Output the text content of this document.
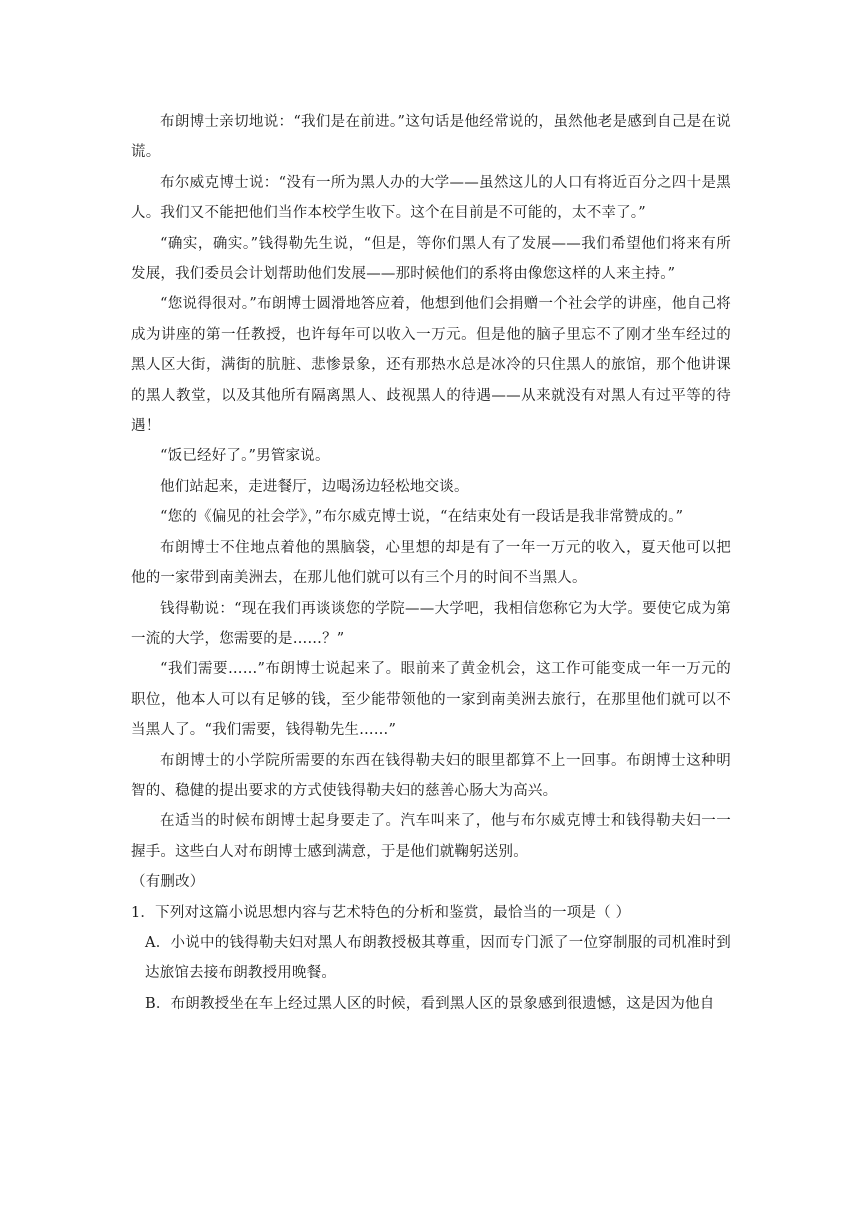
布朗博士亲切地说：“我们是在前进。”这句话是他经常说的，虽然他老是感到自己是在说谎。

布尔威克博士说：“没有一所为黑人办的大学——虽然这儿的人口有将近百分之四十是黑人。我们又不能把他们当作本校学生收下。这个在目前是不可能的，太不幸了。”

“确实，确实。”钱得勒先生说，“但是，等你们黑人有了发展——我们希望他们将来有所发展，我们委员会计划帮助他们发展——那时候他们的系将由像您这样的人来主持。”

“您说得很对。”布朗博士圆滑地答应着，他想到他们会捐赠一个社会学的讲座，他自己将成为讲座的第一任教授，也许每年可以收入一万元。但是他的脑子里忘不了刚才坐车经过的黑人区大街，满街的肮脏、悲惨景象，还有那热水总是冰冷的只住黑人的旅馆，那个他讲课的黑人教堂，以及其他所有隔离黑人、歧视黑人的待遇——从来就没有对黑人有过平等的待遇！

“饭已经好了。”男管家说。

他们站起来，走进餐厅，边喝汤边轻松地交谈。

“您的《偏见的社会学》，”布尔威克博士说，“在结束处有一段话是我非常赞成的。”

布朗博士不住地点着他的黑脑袋，心里想的却是有了一年一万元的收入，夏天他可以把他的一家带到南美洲去，在那儿他们就可以有三个月的时间不当黑人。

钱得勒说：“现在我们再谈谈您的学院——大学吧，我相信您称它为大学。要使它成为第一流的大学，您需要的是……？”

“我们需要……”布朗博士说起来了。眼前来了黄金机会，这工作可能变成一年一万元的职位，他本人可以有足够的钱，至少能带领他的一家到南美洲去旅行，在那里他们就可以不当黑人了。“我们需要，钱得勒先生……”

布朗博士的小学院所需要的东西在钱得勒夫妇的眼里都算不上一回事。布朗博士这种明智的、稳健的提出要求的方式使钱得勒夫妇的慈善心肠大为高兴。

在适当的时候布朗博士起身要走了。汽车叫来了，他与布尔威克博士和钱得勒夫妇一一握手。这些白人对布朗博士感到满意，于是他们就鞠躬送别。

（有删改）

1．下列对这篇小说思想内容与艺术特色的分析和鉴赏，最恰当的一项是（ ）

A．小说中的钱得勒夫妇对黑人布朗教授极其尊重，因而专门派了一位穿制服的司机准时到达旅馆去接布朗教授用晚餐。

B．布朗教授坐在车上经过黑人区的时候，看到黑人区的景象感到很遗憾，这是因为他自
